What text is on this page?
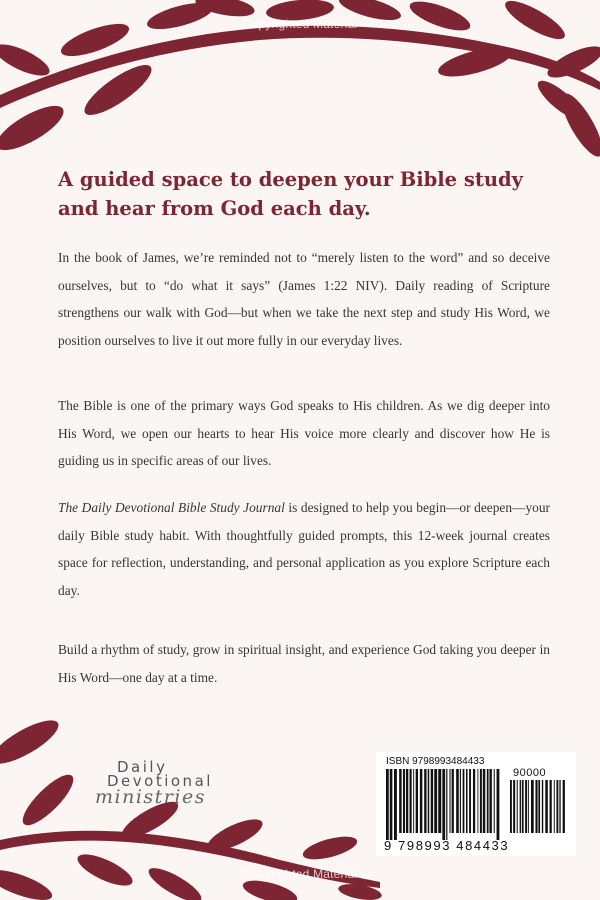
Copyrighted Material
A guided space to deepen your Bible study and hear from God each day.
In the book of James, we’re reminded not to “merely listen to the word” and so deceive ourselves, but to “do what it says” (James 1:22 NIV). Daily reading of Scripture strengthens our walk with God—but when we take the next step and study His Word, we position ourselves to live it out more fully in our everyday lives.
The Bible is one of the primary ways God speaks to His children. As we dig deeper into His Word, we open our hearts to hear His voice more clearly and discover how He is guiding us in specific areas of our lives.
The Daily Devotional Bible Study Journal is designed to help you begin—or deepen—your daily Bible study habit. With thoughtfully guided prompts, this 12-week journal creates space for reflection, understanding, and personal application as you explore Scripture each day.
Build a rhythm of study, grow in spiritual insight, and experience God taking you deeper in His Word—one day at a time.
Copyrighted Material
Daily
Devotional
ministries
ISBN 9798993484433
90000
9 798993 484433
